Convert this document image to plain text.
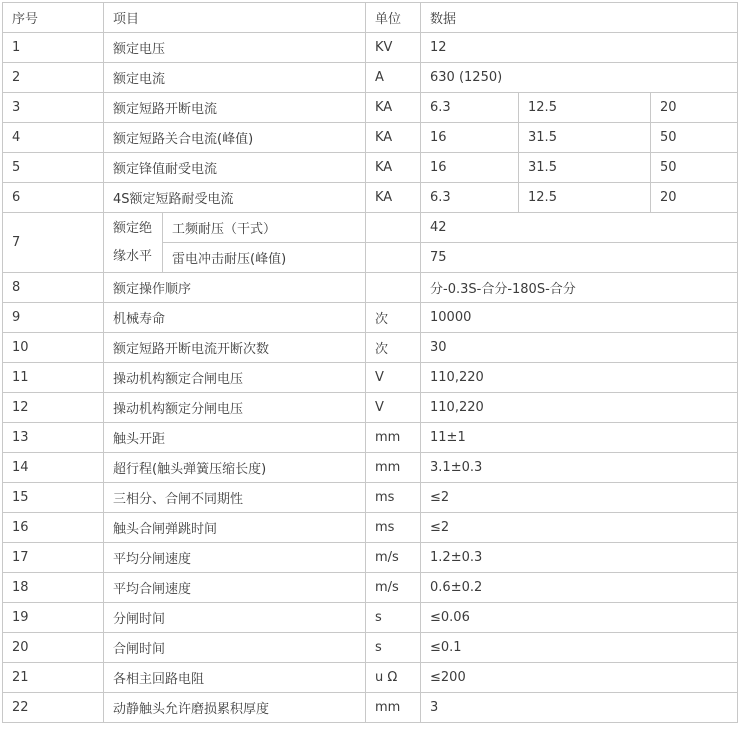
序号	项目		单位	数据		
1	额定电压		KV	12		
2	额定电流		A	630 (1250)		
3	额定短路开断电流		KA	6.3	12.5	20
4	额定短路关合电流(峰值)		KA	16	31.5	50
5	额定锋值耐受电流		KA	16	31.5	50
6	4S额定短路耐受电流		KA	6.3	12.5	20
7	额定绝缘水平	工频耐压（干式）		42		
		雷电冲击耐压(峰值)		75		
8	额定操作顺序			分-0.3S-合分-180S-合分		
9	机械寿命		次	10000		
10	额定短路开断电流开断次数		次	30		
11	操动机构额定合闸电压		V	110,220		
12	操动机构额定分闸电压		V	110,220		
13	触头开距		mm	11±1		
14	超行程(触头弹簧压缩长度)		mm	3.1±0.3		
15	三相分、合闸不同期性		ms	≤2		
16	触头合闸弹跳时间		ms	≤2		
17	平均分闸速度		m/s	1.2±0.3		
18	平均合闸速度		m/s	0.6±0.2		
19	分闸时间		s	≤0.06		
20	合闸时间		s	≤0.1		
21	各相主回路电阻		u Ω	≤200		
22	动静触头允许磨损累积厚度		mm	3		
